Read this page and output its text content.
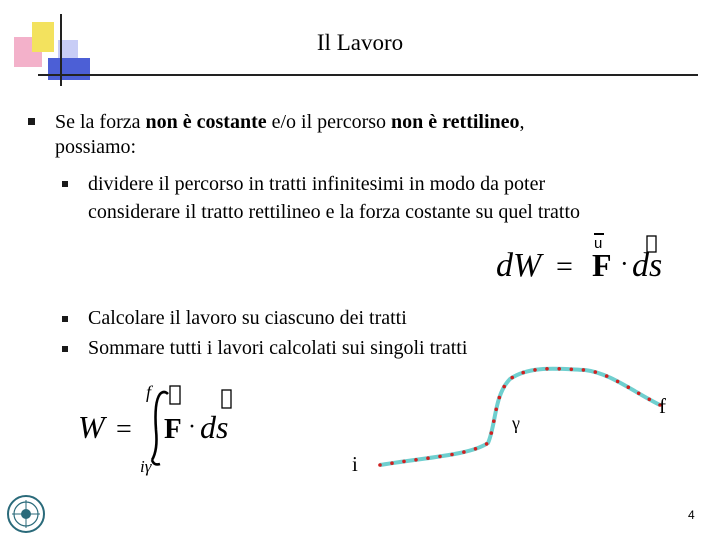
Il Lavoro
Se la forza non è costante e/o il percorso non è rettilineo,
possiamo:
dividere il percorso in tratti infinitesimi in modo da poter
considerare il tratto rettilineo e la forza costante su quel tratto
dW = F · ds
u
Calcolare il lavoro su ciascuno dei tratti
Sommare tutti i lavori calcolati sui singoli tratti
W =
f
iγ
F · ds	γ
f
i
4
